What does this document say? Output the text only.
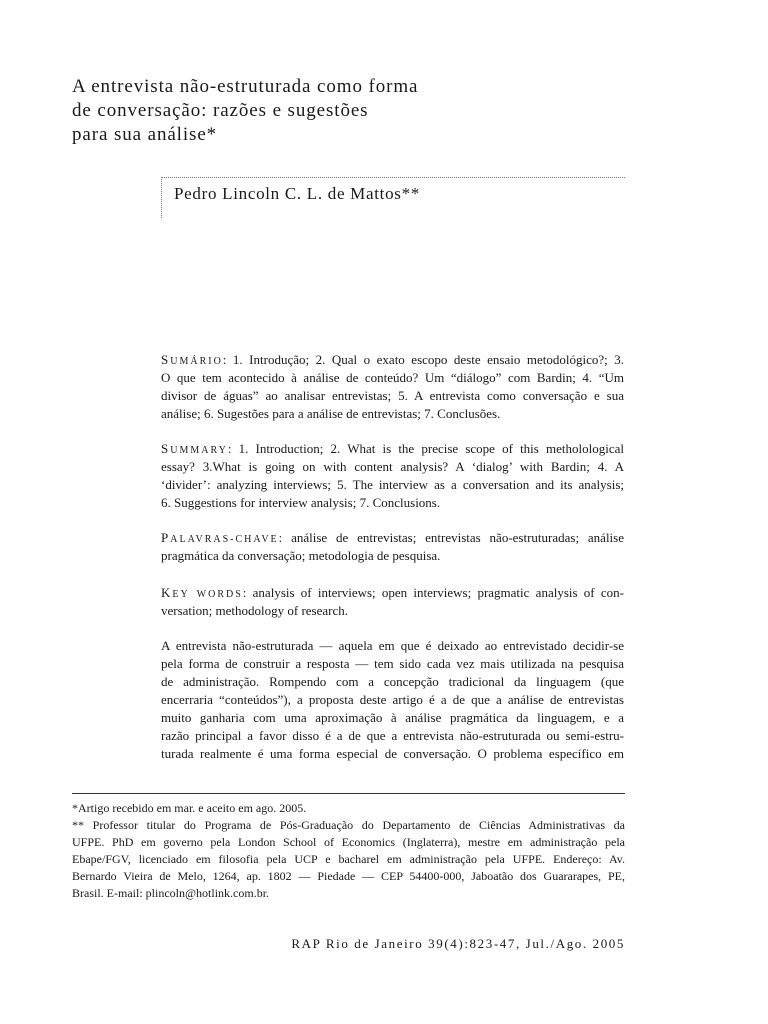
A entrevista não-estruturada como forma
de conversação: razões e sugestões
para sua análise*
Pedro Lincoln C. L. de Mattos**
SUMÁRIO: 1. Introdução; 2. Qual o exato escopo deste ensaio metodológico?; 3.
O que tem acontecido à análise de conteúdo? Um “diálogo” com Bardin; 4. “Um
divisor de águas” ao analisar entrevistas; 5. A entrevista como conversação e sua
análise; 6. Sugestões para a análise de entrevistas; 7. Conclusões.
SUMMARY: 1. Introduction; 2. What is the precise scope of this metholological
essay? 3.What is going on with content analysis? A ‘dialog’ with Bardin; 4. A
‘divider’: analyzing interviews; 5. The interview as a conversation and its analysis;
6. Suggestions for interview analysis; 7. Conclusions.
PALAVRAS-CHAVE: análise de entrevistas; entrevistas não-estruturadas; análise
pragmática da conversação; metodologia de pesquisa.
KEY WORDS: analysis of interviews; open interviews; pragmatic analysis of con-
versation; methodology of research.
A entrevista não-estruturada — aquela em que é deixado ao entrevistado decidir-se
pela forma de construir a resposta — tem sido cada vez mais utilizada na pesquisa
de administração. Rompendo com a concepção tradicional da linguagem (que
encerraria “conteúdos”), a proposta deste artigo é a de que a análise de entrevistas
muito ganharia com uma aproximação à análise pragmática da linguagem, e a
razão principal a favor disso é a de que a entrevista não-estruturada ou semi-estru-
turada realmente é uma forma especial de conversação. O problema específico em
*Artigo recebido em mar. e aceito em ago. 2005.
** Professor titular do Programa de Pós-Graduação do Departamento de Ciências Administrativas da
UFPE. PhD em governo pela London School of Economics (Inglaterra), mestre em administração pela
Ebape/FGV, licenciado em filosofia pela UCP e bacharel em administração pela UFPE. Endereço: Av.
Bernardo Vieira de Melo, 1264, ap. 1802 — Piedade — CEP 54400-000, Jaboatão dos Guararapes, PE,
Brasil. E-mail: plincoln@hotlink.com.br.
RAP Rio de Janeiro 39(4):823-47, Jul./Ago. 2005
